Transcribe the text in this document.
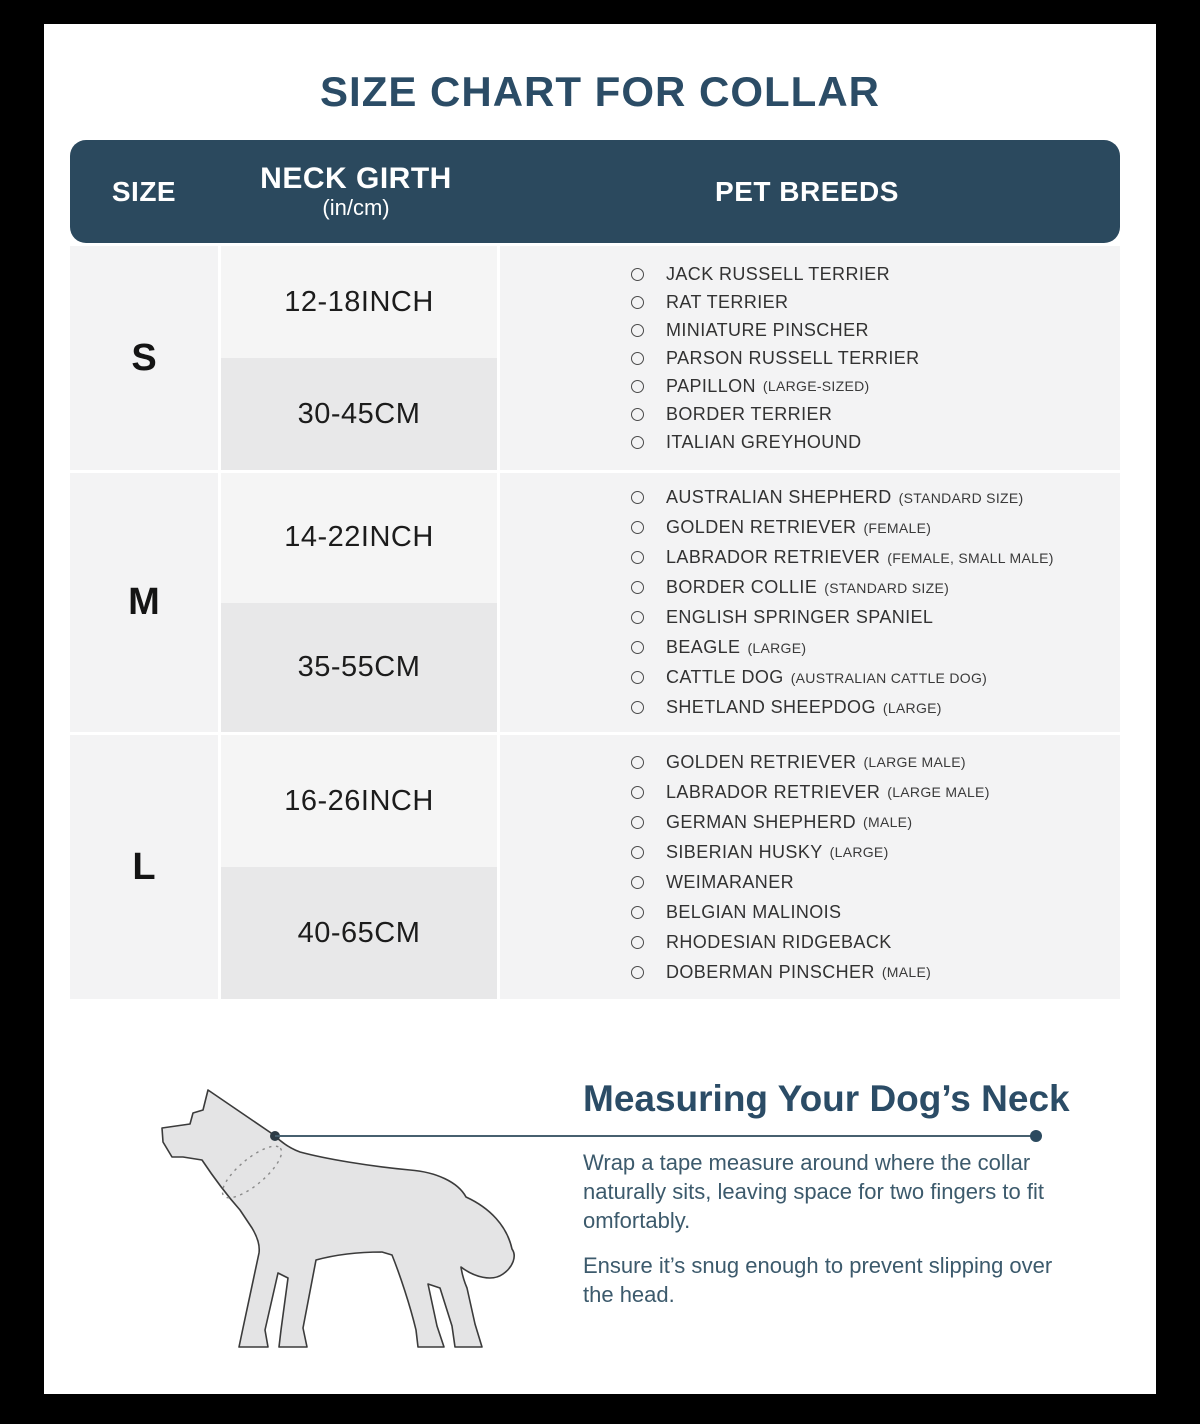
SIZE CHART FOR COLLAR
SIZE	NECK GIRTH
(in/cm)
PET BREEDS
S
12-18INCH
30-45CM
JACK RUSSELL TERRIER
RAT TERRIER
MINIATURE PINSCHER
PARSON RUSSELL TERRIER
PAPILLON (LARGE-SIZED)
BORDER TERRIER
ITALIAN GREYHOUND
M
14-22INCH
35-55CM
AUSTRALIAN SHEPHERD (STANDARD SIZE)
GOLDEN RETRIEVER (FEMALE)
LABRADOR RETRIEVER (FEMALE, SMALL MALE)
BORDER COLLIE (STANDARD SIZE)
ENGLISH SPRINGER SPANIEL
BEAGLE (LARGE)
CATTLE DOG (AUSTRALIAN CATTLE DOG)
SHETLAND SHEEPDOG (LARGE)
L
16-26INCH
40-65CM
GOLDEN RETRIEVER (LARGE MALE)
LABRADOR RETRIEVER (LARGE MALE)
GERMAN SHEPHERD (MALE)
SIBERIAN HUSKY (LARGE)
WEIMARANER
BELGIAN MALINOIS
RHODESIAN RIDGEBACK
DOBERMAN PINSCHER (MALE)
Measuring Your Dog’s Neck

Wrap a tape measure around where the collar naturally sits, leaving space for two fingers to fit omfortably.

Ensure it’s snug enough to prevent slipping over the head.
